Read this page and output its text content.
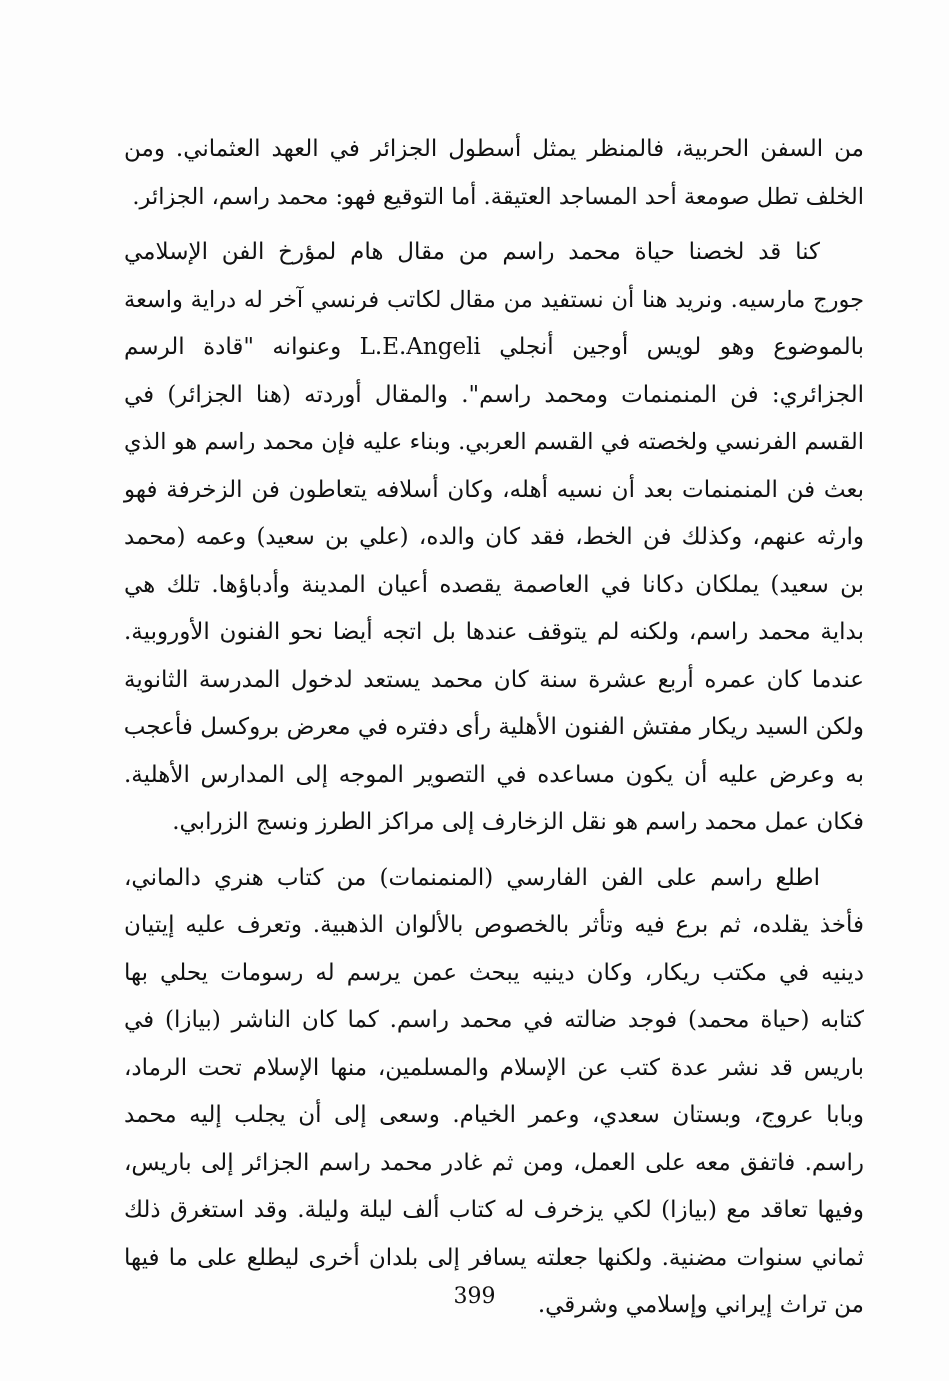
من السفن الحربية، فالمنظر يمثل أسطول الجزائر في العهد العثماني. ومن
الخلف تطل صومعة أحد المساجد العتيقة. أما التوقيع فهو: محمد راسم، الجزائر.
كنا قد لخصنا حياة محمد راسم من مقال هام لمؤرخ الفن الإسلامي
جورج مارسيه. ونريد هنا أن نستفيد من مقال لكاتب فرنسي آخر له دراية واسعة
بالموضوع وهو لويس أوجين أنجلي L.E.Angeli وعنوانه "قادة الرسم
الجزائري: فن المنمنمات ومحمد راسم". والمقال أوردته (هنا الجزائر) في
القسم الفرنسي ولخصته في القسم العربي. وبناء عليه فإن محمد راسم هو الذي
بعث فن المنمنمات بعد أن نسيه أهله، وكان أسلافه يتعاطون فن الزخرفة فهو
وارثه عنهم، وكذلك فن الخط، فقد كان والده، (علي بن سعيد) وعمه (محمد
بن سعيد) يملكان دكانا في العاصمة يقصده أعيان المدينة وأدباؤها. تلك هي
بداية محمد راسم، ولكنه لم يتوقف عندها بل اتجه أيضا نحو الفنون الأوروبية.
عندما كان عمره أربع عشرة سنة كان محمد يستعد لدخول المدرسة الثانوية
ولكن السيد ريكار مفتش الفنون الأهلية رأى دفتره في معرض بروكسل فأعجب
به وعرض عليه أن يكون مساعده في التصوير الموجه إلى المدارس الأهلية.
فكان عمل محمد راسم هو نقل الزخارف إلى مراكز الطرز ونسج الزرابي.
اطلع راسم على الفن الفارسي (المنمنمات) من كتاب هنري دالماني،
فأخذ يقلده، ثم برع فيه وتأثر بالخصوص بالألوان الذهبية. وتعرف عليه إيتيان
دينيه في مكتب ريكار، وكان دينيه يبحث عمن يرسم له رسومات يحلي بها
كتابه (حياة محمد) فوجد ضالته في محمد راسم. كما كان الناشر (بيازا) في
باريس قد نشر عدة كتب عن الإسلام والمسلمين، منها الإسلام تحت الرماد،
وبابا عروج، وبستان سعدي، وعمر الخيام. وسعى إلى أن يجلب إليه محمد
راسم. فاتفق معه على العمل، ومن ثم غادر محمد راسم الجزائر إلى باريس،
وفيها تعاقد مع (بيازا) لكي يزخرف له كتاب ألف ليلة وليلة. وقد استغرق ذلك
ثماني سنوات مضنية. ولكنها جعلته يسافر إلى بلدان أخرى ليطلع على ما فيها
من تراث إيراني وإسلامي وشرقي.
399
